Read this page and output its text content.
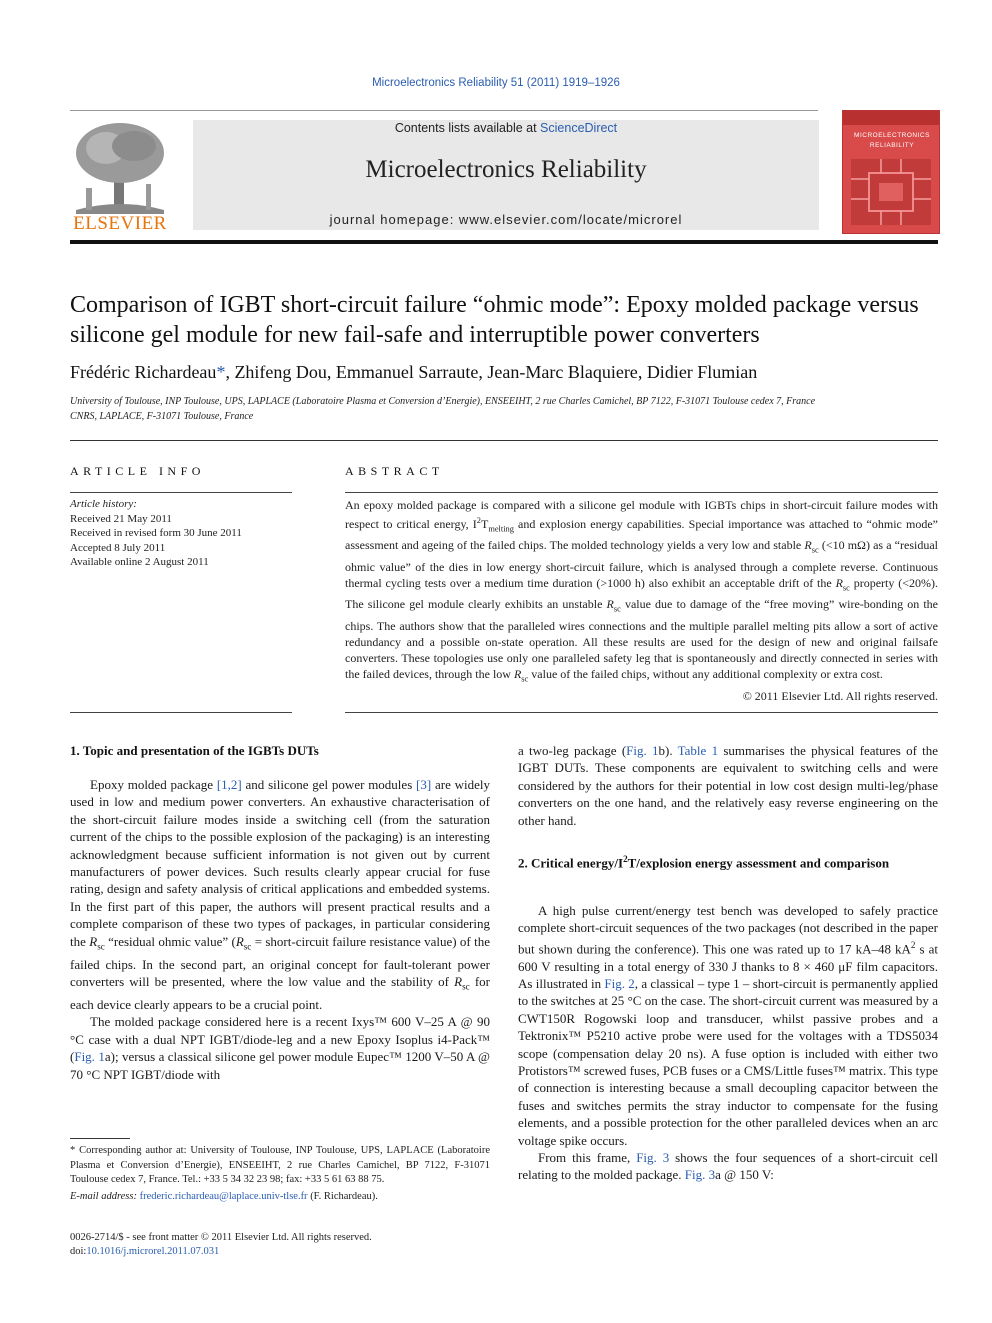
Microelectronics Reliability 51 (2011) 1919–1926
ELSEVIER
Contents lists available at ScienceDirect
Microelectronics Reliability
journal homepage: www.elsevier.com/locate/microrel
MICROELECTRONICS RELIABILITY
Comparison of IGBT short-circuit failure “ohmic mode”: Epoxy molded package versus silicone gel module for new fail-safe and interruptible power converters
Frédéric Richardeau*, Zhifeng Dou, Emmanuel Sarraute, Jean-Marc Blaquiere, Didier Flumian
University of Toulouse, INP Toulouse, UPS, LAPLACE (Laboratoire Plasma et Conversion d’Energie), ENSEEIHT, 2 rue Charles Camichel, BP 7122, F-31071 Toulouse cedex 7, France
CNRS, LAPLACE, F-31071 Toulouse, France
ARTICLE INFO
Article history:
Received 21 May 2011
Received in revised form 30 June 2011
Accepted 8 July 2011
Available online 2 August 2011
ABSTRACT
An epoxy molded package is compared with a silicone gel module with IGBTs chips in short-circuit failure modes with respect to critical energy, $I^2T_{melting}$ and explosion energy capabilities. Special importance was attached to “ohmic mode” assessment and ageing of the failed chips. The molded technology yields a very low and stable $R_{sc}$ (<10 mΩ) as a “residual ohmic value” of the dies in low energy short-circuit failure, which is analysed through a complete reverse. Continuous thermal cycling tests over a medium time duration (>1000 h) also exhibit an acceptable drift of the $R_{sc}$ property (<20%). The silicone gel module clearly exhibits an unstable $R_{sc}$ value due to damage of the “free moving” wire-bonding on the chips. The authors show that the paralleled wires connections and the multiple parallel melting pits allow a sort of active redundancy and a possible on-state operation. All these results are used for the design of new and original failsafe converters. These topologies use only one paralleled safety leg that is spontaneously and directly connected in series with the failed devices, through the low $R_{sc}$ value of the failed chips, without any additional complexity or extra cost.
© 2011 Elsevier Ltd. All rights reserved.
1. Topic and presentation of the IGBTs DUTs

Epoxy molded package [1,2] and silicone gel power modules [3] are widely used in low and medium power converters. An exhaustive characterisation of the short-circuit failure modes inside a switching cell (from the saturation current of the chips to the possible explosion of the packaging) is an interesting acknowledgment because sufficient information is not given out by current manufacturers of power devices. Such results clearly appear crucial for fuse rating, design and safety analysis of critical applications and embedded systems. In the first part of this paper, the authors will present practical results and a complete comparison of these two types of packages, in particular considering the $R_{sc}$ “residual ohmic value” ($R_{sc}$ = short-circuit failure resistance value) of the failed chips. In the second part, an original concept for fault-tolerant power converters will be presented, where the low value and the stability of $R_{sc}$ for each device clearly appears to be a crucial point.

The molded package considered here is a recent Ixys™ 600 V–25 A @ 90 °C case with a dual NPT IGBT/diode-leg and a new Epoxy Isoplus i4-Pack™ (Fig. 1a); versus a classical silicone gel power module Eupec™ 1200 V–50 A @ 70 °C NPT IGBT/diode with

* Corresponding author at: University of Toulouse, INP Toulouse, UPS, LAPLACE (Laboratoire Plasma et Conversion d’Energie), ENSEEIHT, 2 rue Charles Camichel, BP 7122, F-31071 Toulouse cedex 7, France. Tel.: +33 5 34 32 23 98; fax: +33 5 61 63 88 75.
E-mail address: frederic.richardeau@laplace.univ-tlse.fr (F. Richardeau).
0026-2714/$ - see front matter © 2011 Elsevier Ltd. All rights reserved.
doi:10.1016/j.microrel.2011.07.031

a two-leg package (Fig. 1b). Table 1 summarises the physical features of the IGBT DUTs. These components are equivalent to switching cells and were considered by the authors for their potential in low cost design multi-leg/phase converters on the one hand, and the relatively easy reverse engineering on the other hand.

2. Critical energy/$I^2T$/explosion energy assessment and comparison

A high pulse current/energy test bench was developed to safely practice complete short-circuit sequences of the two packages (not described in the paper but shown during the conference). This one was rated up to 17 kA–48 $kA^2$ s at 600 V resulting in a total energy of 330 J thanks to 8 × 460 μF film capacitors. As illustrated in Fig. 2, a classical – type 1 – short-circuit is permanently applied to the switches at 25 °C on the case. The short-circuit current was measured by a CWT150R Rogowski loop and transducer, whilst passive probes and a Tektronix™ P5210 active probe were used for the voltages with a TDS5034 scope (compensation delay 20 ns). A fuse option is included with either two Protistors™ screwed fuses, PCB fuses or a CMS/Little fuses™ matrix. This type of connection is interesting because a small decoupling capacitor between the fuses and switches permits the stray inductor to compensate for the fusing elements, and a possible protection for the other paralleled devices when an arc voltage spike occurs.

From this frame, Fig. 3 shows the four sequences of a short-circuit cell relating to the molded package. Fig. 3a @ 150 V:
